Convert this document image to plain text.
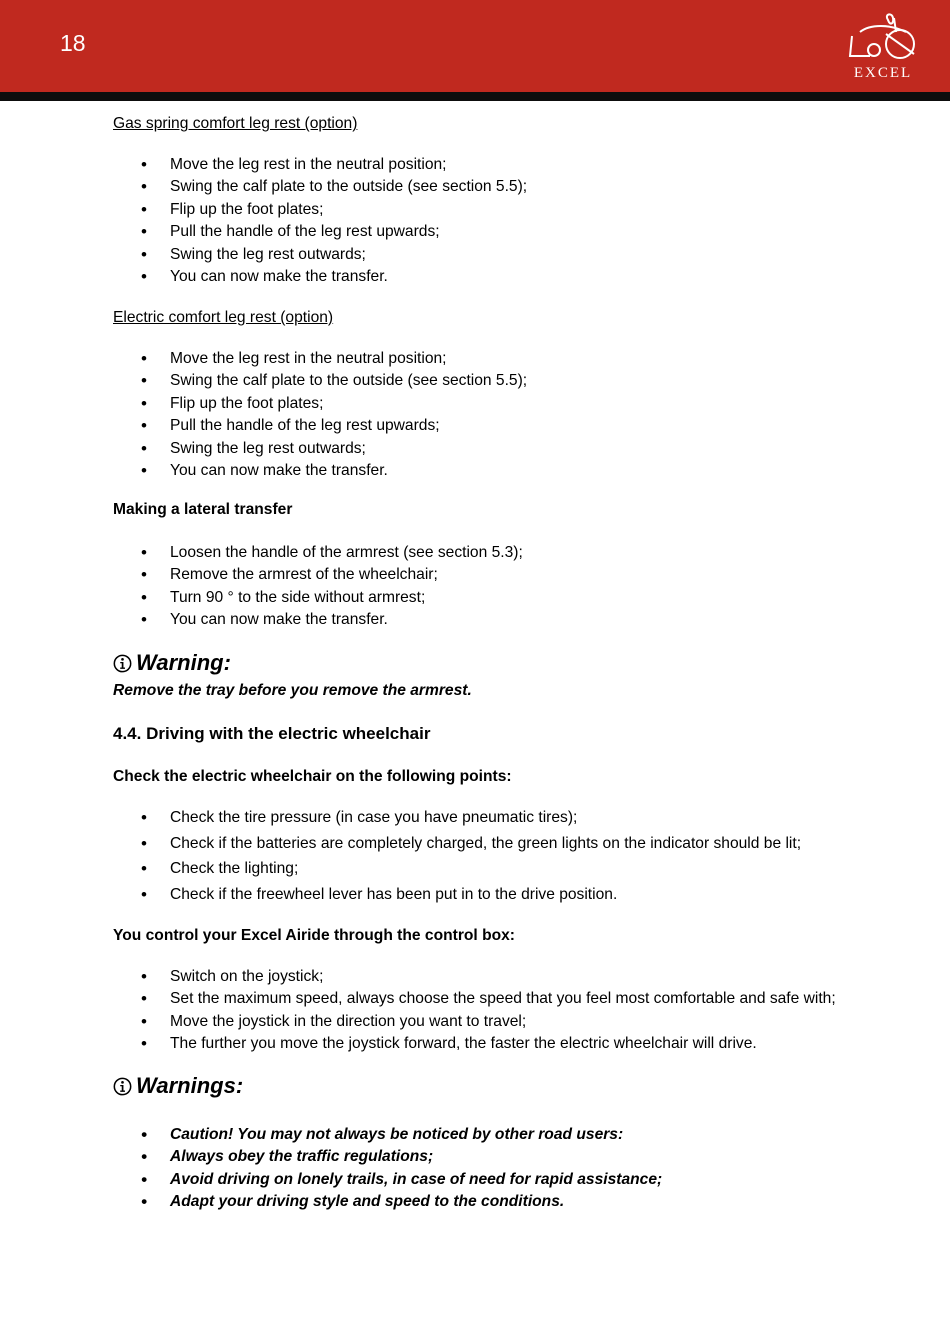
18
EXCEL
Gas spring comfort leg rest (option)
• Move the leg rest in the neutral position;
• Swing the calf plate to the outside (see section 5.5);
• Flip up the foot plates;
• Pull the handle of the leg rest upwards;
• Swing the leg rest outwards;
• You can now make the transfer.
Electric comfort leg rest (option)
• Move the leg rest in the neutral position;
• Swing the calf plate to the outside (see section 5.5);
• Flip up the foot plates;
• Pull the handle of the leg rest upwards;
• Swing the leg rest outwards;
• You can now make the transfer.
Making a lateral transfer
• Loosen the handle of the armrest (see section 5.3);
• Remove the armrest of the wheelchair;
• Turn 90 ° to the side without armrest;
• You can now make the transfer.
Warning:
Remove the tray before you remove the armrest.
4.4. Driving with the electric wheelchair
Check the electric wheelchair on the following points:
• Check the tire pressure (in case you have pneumatic tires);
• Check if the batteries are completely charged, the green lights on the indicator should be lit;
• Check the lighting;
• Check if the freewheel lever has been put in to the drive position.
You control your Excel Airide through the control box:
• Switch on the joystick;
• Set the maximum speed, always choose the speed that you feel most comfortable and safe with;
• Move the joystick in the direction you want to travel;
• The further you move the joystick forward, the faster the electric wheelchair will drive.
Warnings:
• Caution! You may not always be noticed by other road users:
• Always obey the traffic regulations;
• Avoid driving on lonely trails, in case of need for rapid assistance;
• Adapt your driving style and speed to the conditions.
